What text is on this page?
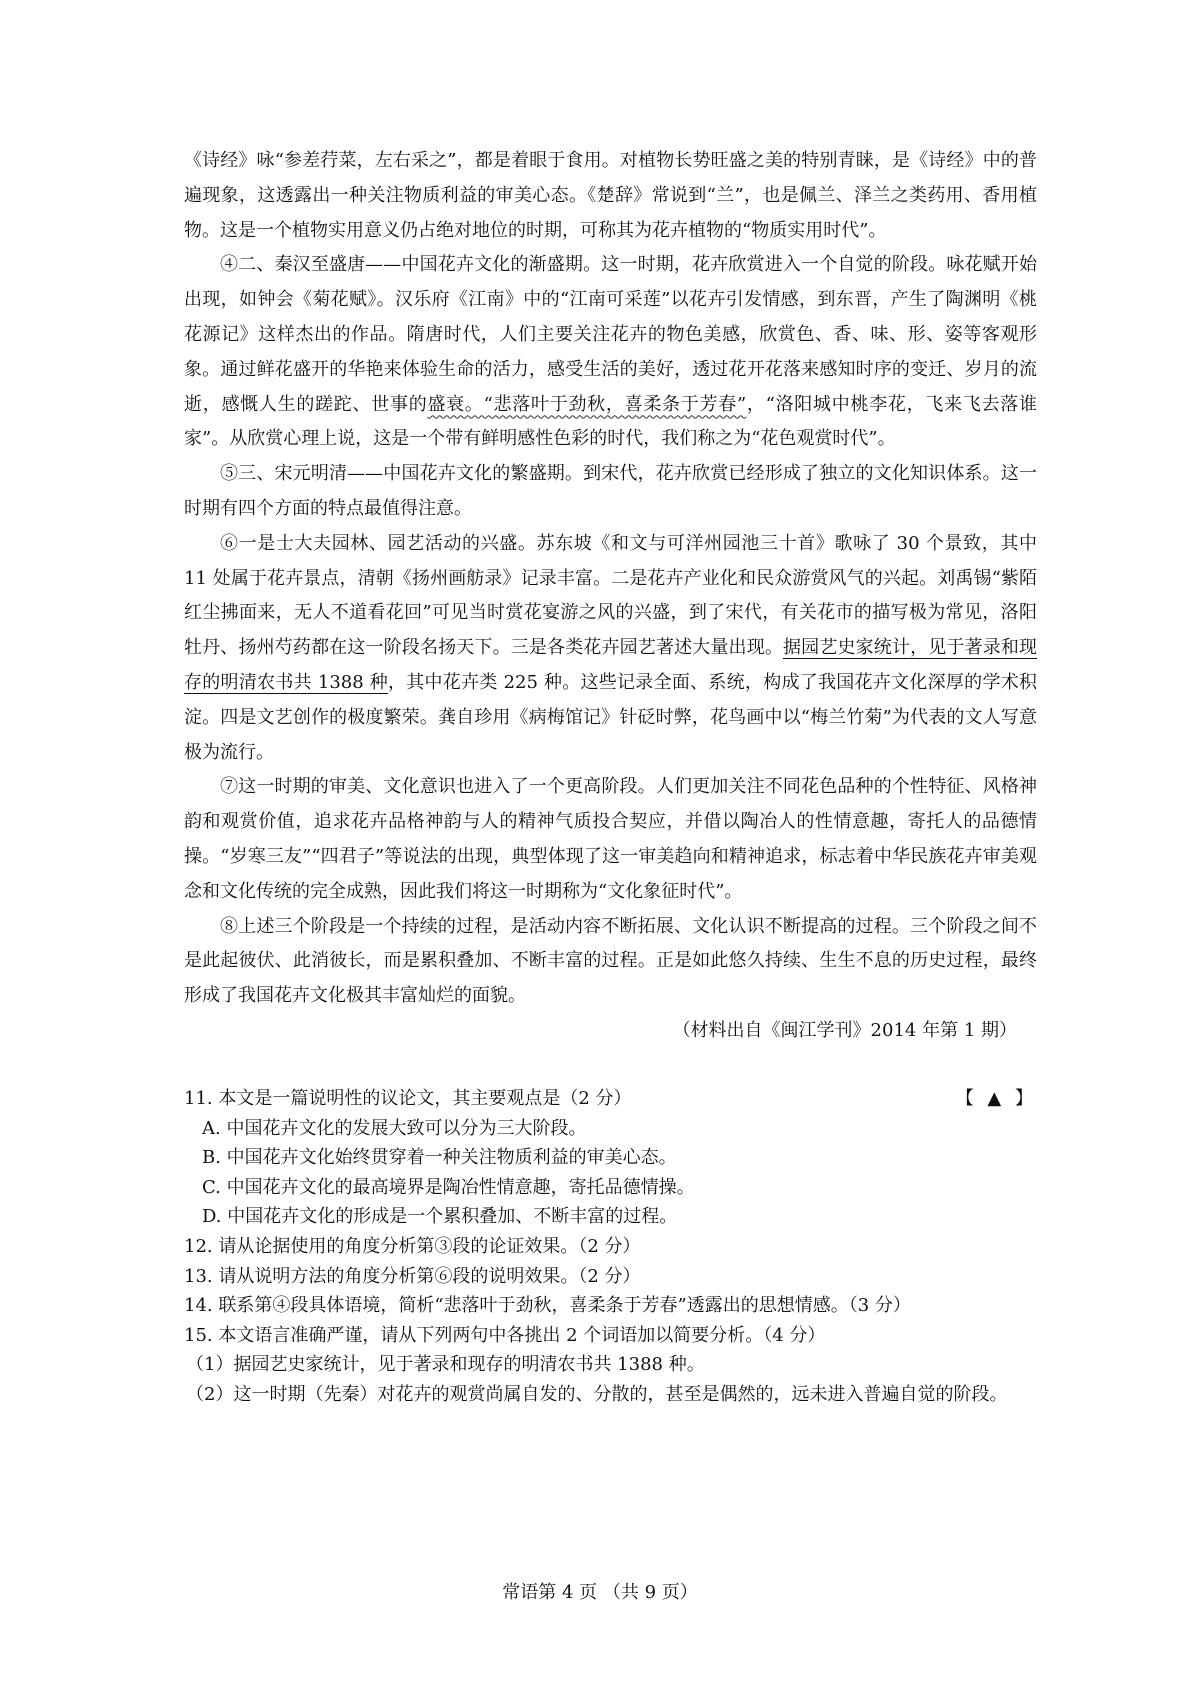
《诗经》咏“参差荇菜，左右采之”，都是着眼于食用。对植物长势旺盛之美的特别青睐，是《诗经》中的普遍现象，这透露出一种关注物质利益的审美心态。《楚辞》常说到“兰”，也是佩兰、泽兰之类药用、香用植物。这是一个植物实用意义仍占绝对地位的时期，可称其为花卉植物的“物质实用时代”。

④二、秦汉至盛唐——中国花卉文化的渐盛期。这一时期，花卉欣赏进入一个自觉的阶段。咏花赋开始出现，如钟会《菊花赋》。汉乐府《江南》中的“江南可采莲”以花卉引发情感，到东晋，产生了陶渊明《桃花源记》这样杰出的作品。隋唐时代，人们主要关注花卉的物色美感，欣赏色、香、味、形、姿等客观形象。通过鲜花盛开的华艳来体验生命的活力，感受生活的美好，透过花开花落来感知时序的变迁、岁月的流逝，感慨人生的蹉跎、世事的盛衰。“悲落叶于劲秋，喜柔条于芳春”，“洛阳城中桃李花，飞来飞去落谁家”。从欣赏心理上说，这是一个带有鲜明感性色彩的时代，我们称之为“花色观赏时代”。

⑤三、宋元明清——中国花卉文化的繁盛期。到宋代，花卉欣赏已经形成了独立的文化知识体系。这一时期有四个方面的特点最值得注意。

⑥一是士大夫园林、园艺活动的兴盛。苏东坡《和文与可洋州园池三十首》歌咏了 30 个景致，其中 11 处属于花卉景点，清朝《扬州画舫录》记录丰富。二是花卉产业化和民众游赏风气的兴起。刘禹锡“紫陌红尘拂面来，无人不道看花回”可见当时赏花宴游之风的兴盛，到了宋代，有关花市的描写极为常见，洛阳牡丹、扬州芍药都在这一阶段名扬天下。三是各类花卉园艺著述大量出现。据园艺史家统计，见于著录和现存的明清农书共 1388 种，其中花卉类 225 种。这些记录全面、系统，构成了我国花卉文化深厚的学术积淀。四是文艺创作的极度繁荣。龚自珍用《病梅馆记》针砭时弊，花鸟画中以“梅兰竹菊”为代表的文人写意极为流行。

⑦这一时期的审美、文化意识也进入了一个更高阶段。人们更加关注不同花色品种的个性特征、风格神韵和观赏价值，追求花卉品格神韵与人的精神气质投合契应，并借以陶冶人的性情意趣，寄托人的品德情操。“岁寒三友”“四君子”等说法的出现，典型体现了这一审美趋向和精神追求，标志着中华民族花卉审美观念和文化传统的完全成熟，因此我们将这一时期称为“文化象征时代”。

⑧上述三个阶段是一个持续的过程，是活动内容不断拓展、文化认识不断提高的过程。三个阶段之间不是此起彼伏、此消彼长，而是累积叠加、不断丰富的过程。正是如此悠久持续、生生不息的历史过程，最终形成了我国花卉文化极其丰富灿烂的面貌。

（材料出自《闽江学刊》2014 年第 1 期）

11. 本文是一篇说明性的议论文，其主要观点是（2 分）	【 ▲ 】

A. 中国花卉文化的发展大致可以分为三大阶段。

B. 中国花卉文化始终贯穿着一种关注物质利益的审美心态。

C. 中国花卉文化的最高境界是陶冶性情意趣，寄托品德情操。

D. 中国花卉文化的形成是一个累积叠加、不断丰富的过程。

12. 请从论据使用的角度分析第③段的论证效果。（2 分）

13. 请从说明方法的角度分析第⑥段的说明效果。（2 分）

14. 联系第④段具体语境，简析“悲落叶于劲秋，喜柔条于芳春”透露出的思想情感。（3 分）

15. 本文语言准确严谨，请从下列两句中各挑出 2 个词语加以简要分析。（4 分）

（1）据园艺史家统计，见于著录和现存的明清农书共 1388 种。

（2）这一时期（先秦）对花卉的观赏尚属自发的、分散的，甚至是偶然的，远未进入普遍自觉的阶段。

常语第 4 页 （共 9 页）
